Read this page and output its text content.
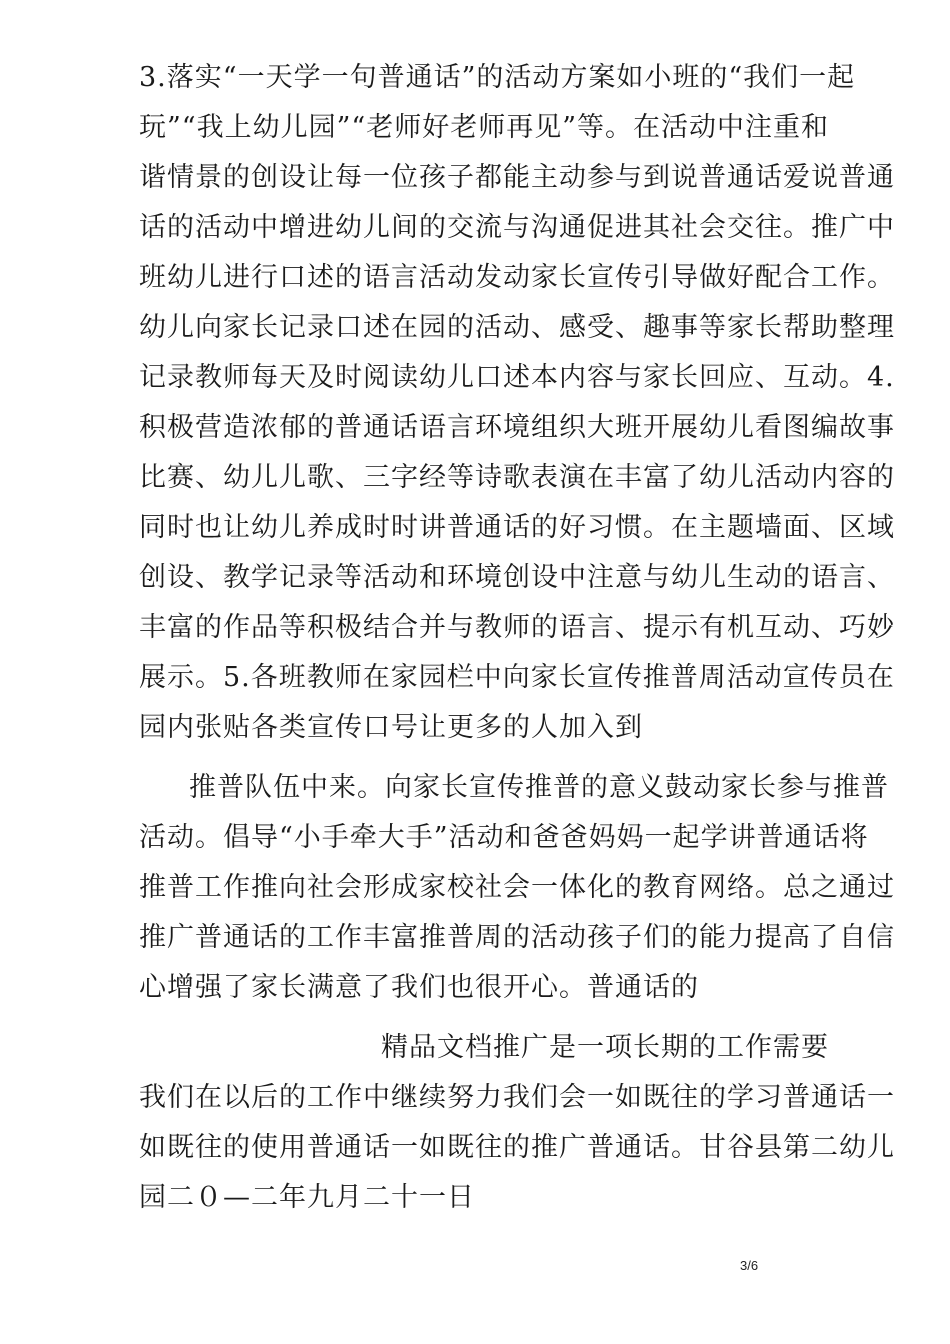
3.落实“一天学一句普通话”的活动方案如小班的“我们一起
玩”“我上幼儿园”“老师好老师再见”等。在活动中注重和
谐情景的创设让每一位孩子都能主动参与到说普通话爱说普通
话的活动中增进幼儿间的交流与沟通促进其社会交往。推广中
班幼儿进行口述的语言活动发动家长宣传引导做好配合工作。
幼儿向家长记录口述在园的活动、感受、趣事等家长帮助整理
记录教师每天及时阅读幼儿口述本内容与家长回应、互动。4.
积极营造浓郁的普通话语言环境组织大班开展幼儿看图编故事
比赛、幼儿儿歌、三字经等诗歌表演在丰富了幼儿活动内容的
同时也让幼儿养成时时讲普通话的好习惯。在主题墙面、区域
创设、教学记录等活动和环境创设中注意与幼儿生动的语言、
丰富的作品等积极结合并与教师的语言、提示有机互动、巧妙
展示。5.各班教师在家园栏中向家长宣传推普周活动宣传员在
园内张贴各类宣传口号让更多的人加入到
推普队伍中来。向家长宣传推普的意义鼓动家长参与推普
活动。倡导“小手牵大手”活动和爸爸妈妈一起学讲普通话将
推普工作推向社会形成家校社会一体化的教育网络。总之通过
推广普通话的工作丰富推普周的活动孩子们的能力提高了自信
心增强了家长满意了我们也很开心。普通话的
精品文档推广是一项长期的工作需要
我们在以后的工作中继续努力我们会一如既往的学习普通话一
如既往的使用普通话一如既往的推广普通话。甘谷县第二幼儿
园二０—二年九月二十一日
3/6
